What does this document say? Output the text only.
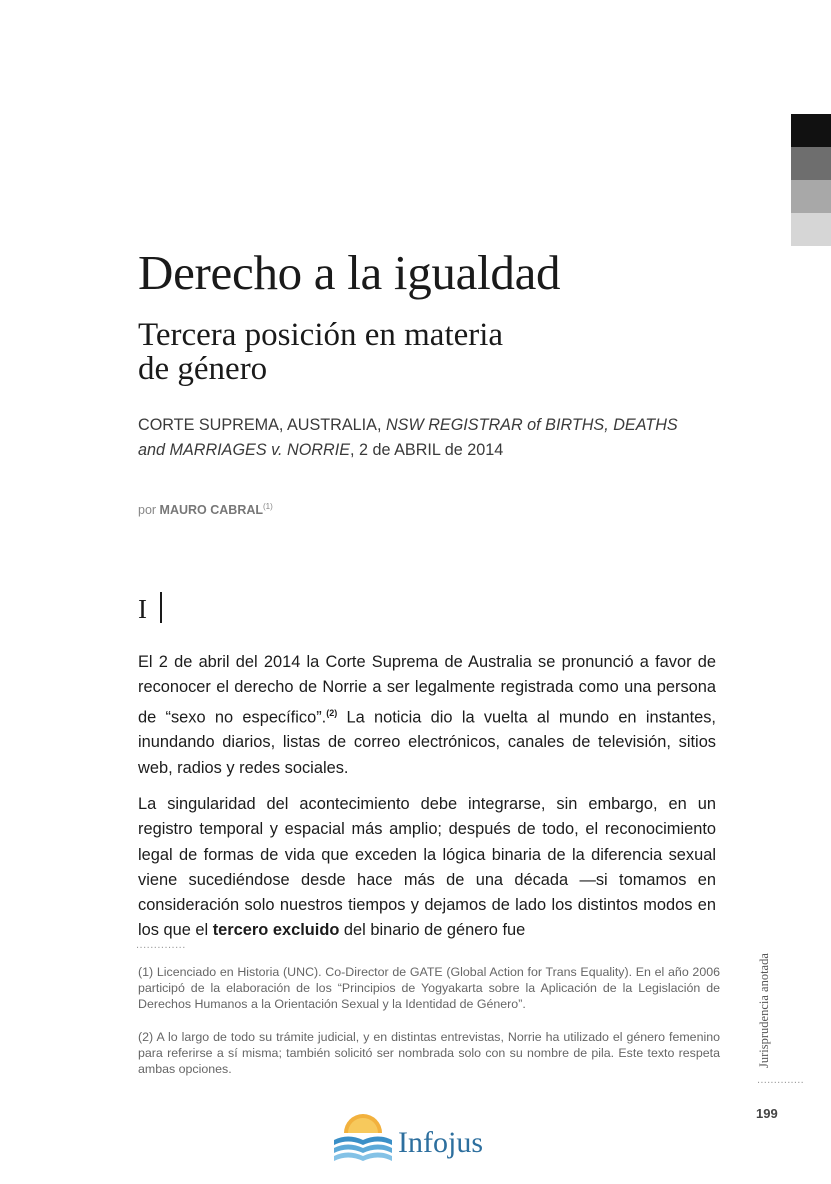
Derecho a la igualdad
Tercera posición en materia
de género

CORTE SUPREMA, AUSTRALIA, NSW REGISTRAR of BIRTHS, DEATHS
and MARRIAGES v. NORRIE, 2 de ABRIL de 2014

por MAURO CABRAL$^{(1)}$
I

El 2 de abril del 2014 la Corte Suprema de Australia se pronunció a favor de reconocer el derecho de Norrie a ser legalmente registrada como una persona de “sexo no específico”.$^{(2)}$ La noticia dio la vuelta al mundo en instantes, inundando diarios, listas de correo electrónicos, canales de televisión, sitios web, radios y redes sociales.

La singularidad del acontecimiento debe integrarse, sin embargo, en un registro temporal y espacial más amplio; después de todo, el reconocimiento legal de formas de vida que exceden la lógica binaria de la diferencia sexual viene sucediéndose desde hace más de una década —si tomamos en consideración solo nuestros tiempos y dejamos de lado los distintos modos en los que el tercero excluido del binario de género fue

..............

(1) Licenciado en Historia (UNC). Co-Director de GATE (Global Action for Trans Equality). En el año 2006 participó de la elaboración de los “Principios de Yogyakarta sobre la Aplicación de la Legislación de Derechos Humanos a la Orientación Sexual y la Identidad de Género”.

(2) A lo largo de todo su trámite judicial, y en distintas entrevistas, Norrie ha utilizado el género femenino para referirse a sí misma; también solicitó ser nombrada solo con su nombre de pila. Este texto respeta ambas opciones.

Jurisprudencia anotada
..............
199
Infojus
